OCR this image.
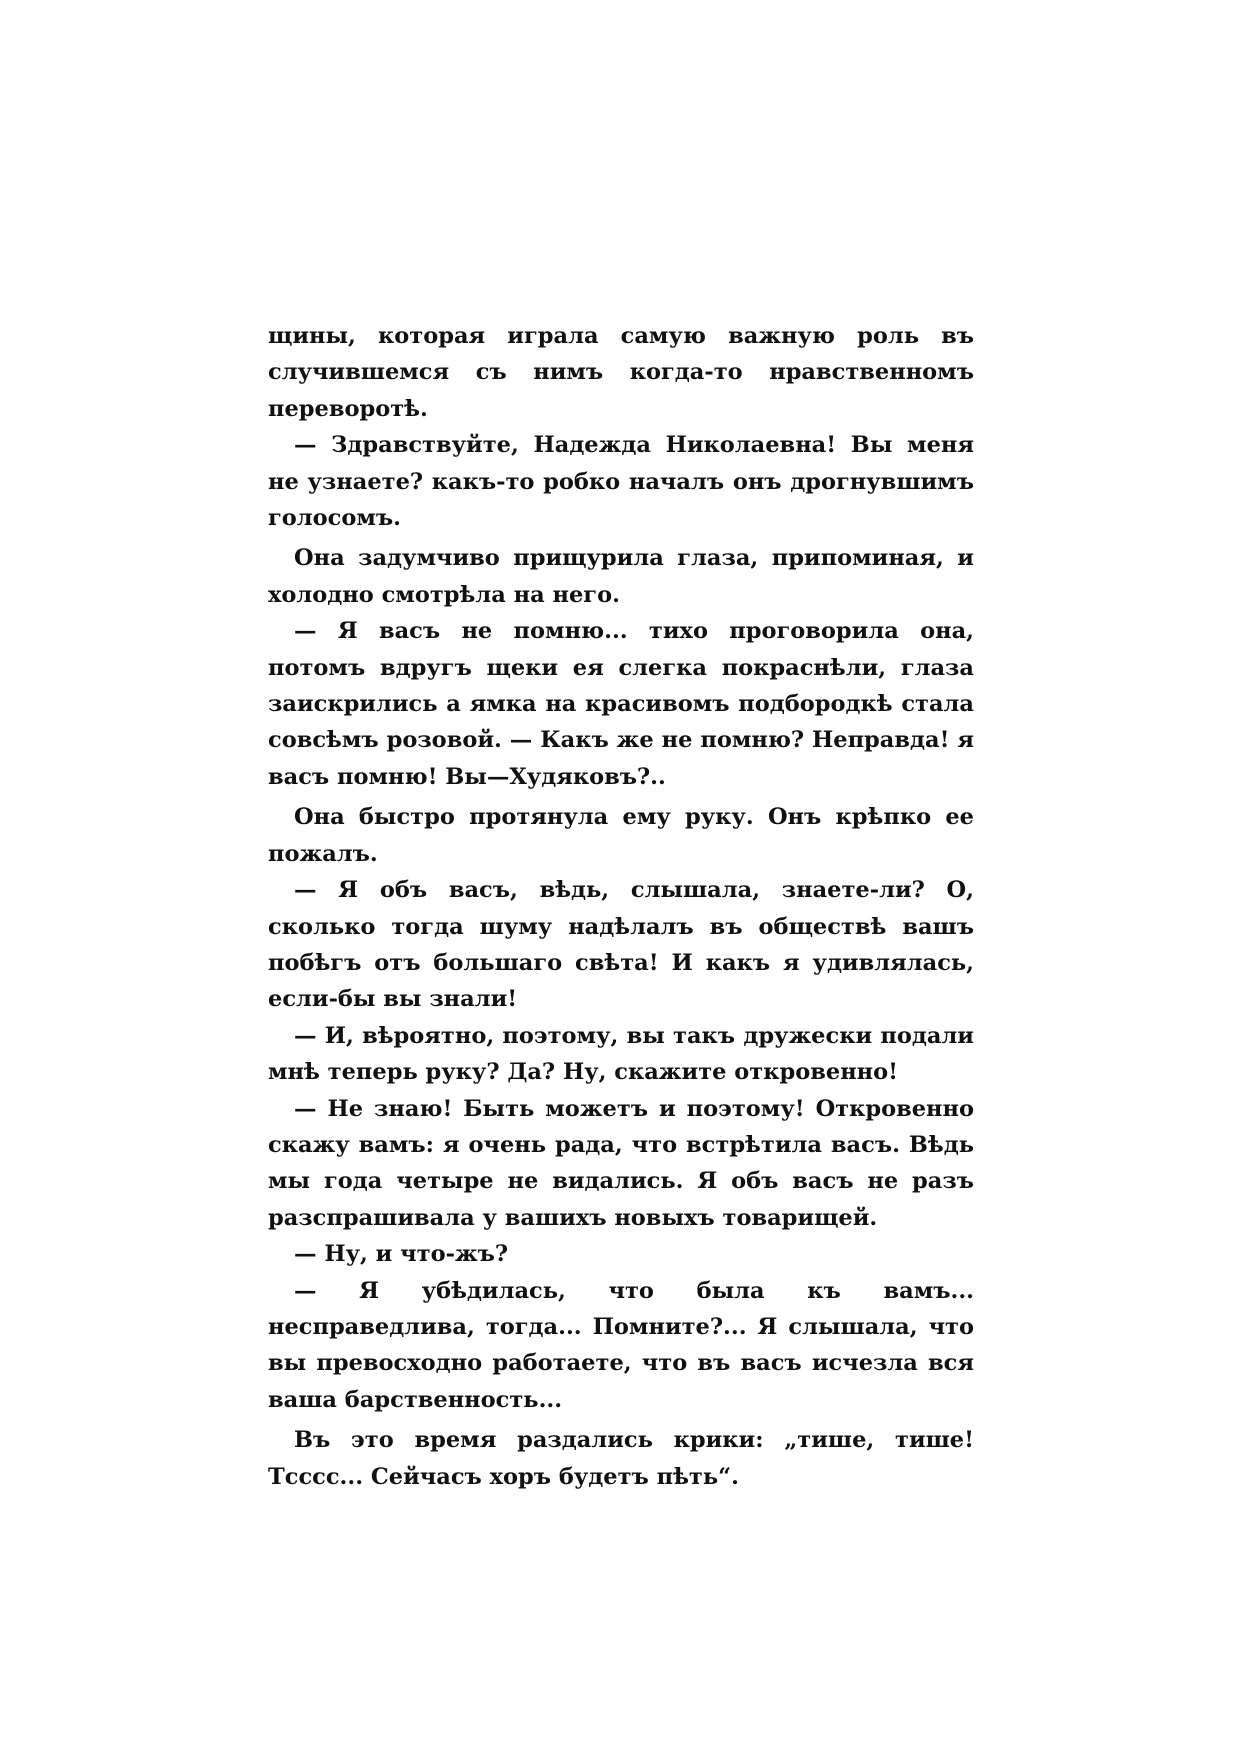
щины, которая играла самую важную роль въ случившемся съ нимъ когда-то нравственномъ переворотѣ.

— Здравствуйте, Надежда Николаевна! Вы меня не узнаете? какъ-то робко началъ онъ дрогнувшимъ голосомъ.

Она задумчиво прищурила глаза, припоминая, и холодно смотрѣла на него.

— Я васъ не помню... тихо проговорила она, потомъ вдругъ щеки ея слегка покраснѣли, глаза заискрились а ямка на красивомъ подбородкѣ стала совсѣмъ розовой. — Какъ же не помню? Неправда! я васъ помню! Вы—Худяковъ?..

Она быстро протянула ему руку. Онъ крѣпко ее пожалъ.

— Я объ васъ, вѣдь, слышала, знаете-ли? О, сколько тогда шуму надѣлалъ въ обществѣ вашъ побѣгъ отъ большаго свѣта! И какъ я удивлялась, если-бы вы знали!

— И, вѣроятно, поэтому, вы такъ дружески подали мнѣ теперь руку? Да? Ну, скажите откровенно!

— Не знаю! Быть можетъ и поэтому! Откровенно скажу вамъ: я очень рада, что встрѣтила васъ. Вѣдь мы года четыре не видались. Я объ васъ не разъ разспрашивала у вашихъ новыхъ товарищей.

— Ну, и что-жъ?

— Я убѣдилась, что была къ вамъ... несправедлива, тогда... Помните?... Я слышала, что вы превосходно работаете, что въ васъ исчезла вся ваша барственность...

Въ это время раздались крики: „тише, тише! Тсссс... Сейчасъ хоръ будетъ пѣть“.
